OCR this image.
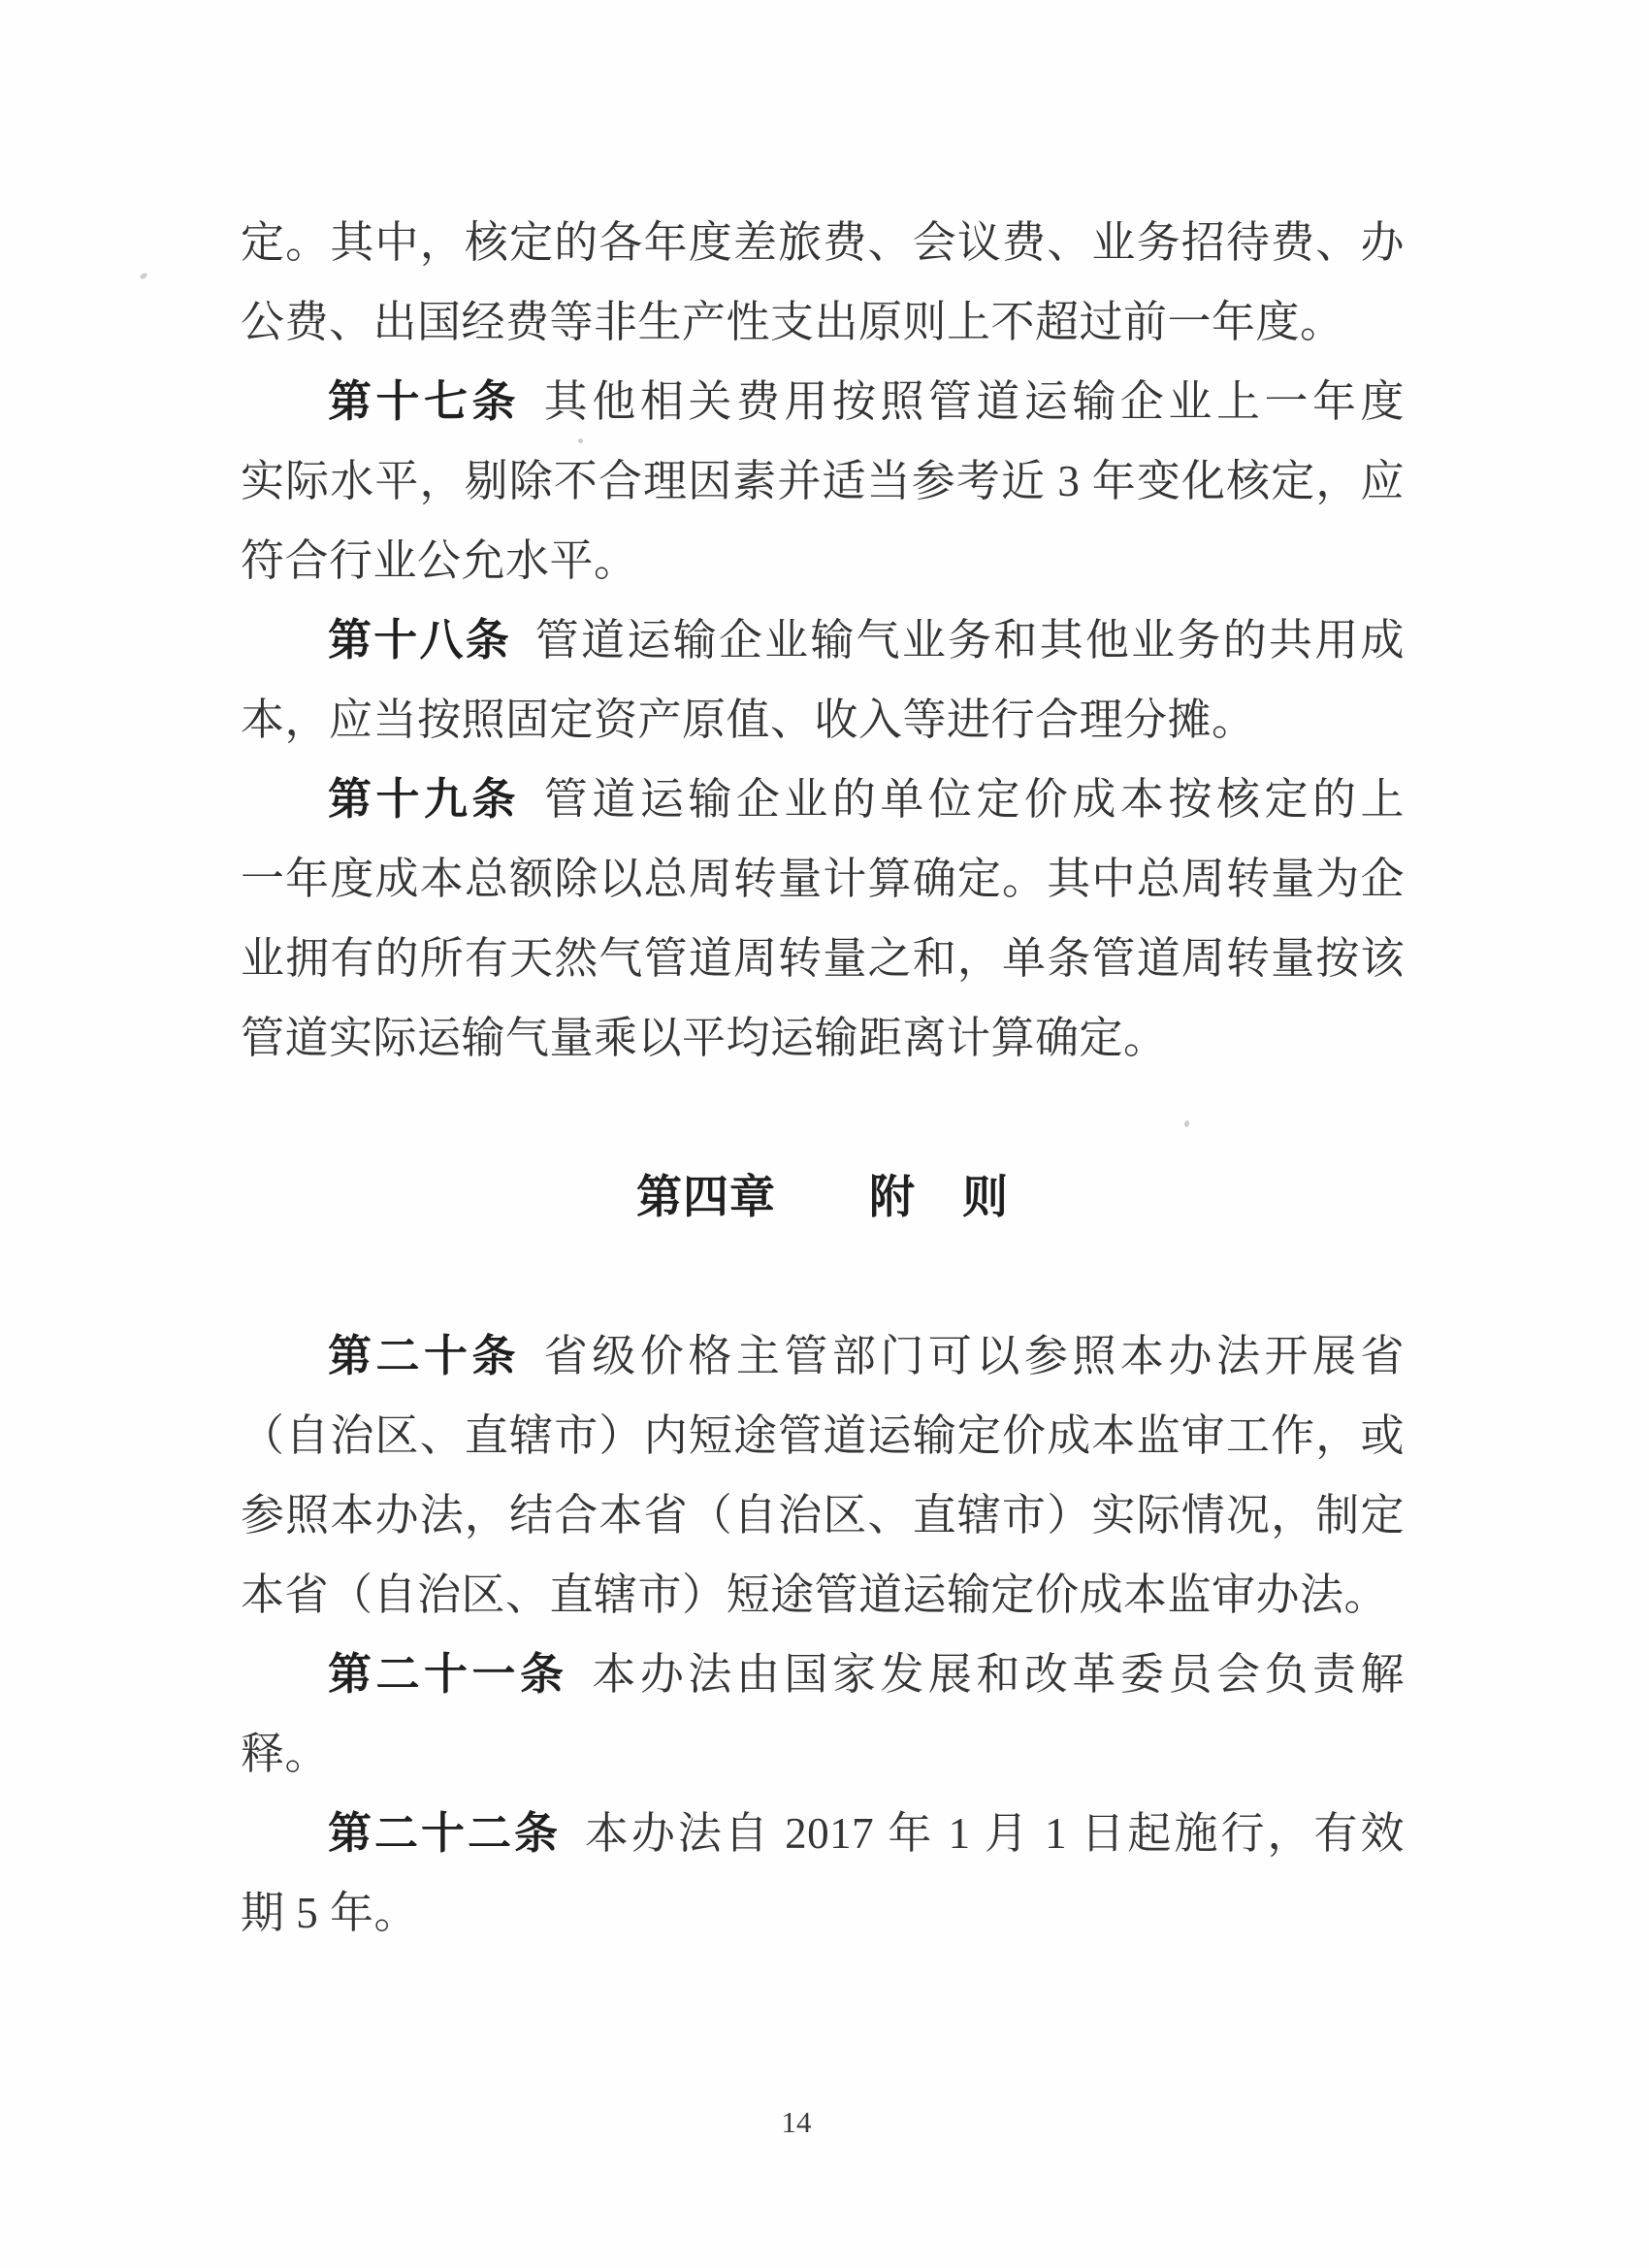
定。其中，核定的各年度差旅费、会议费、业务招待费、办
公费、出国经费等非生产性支出原则上不超过前一年度。
第十七条 其他相关费用按照管道运输企业上一年度
实际水平，剔除不合理因素并适当参考近 3 年变化核定，应
符合行业公允水平。
第十八条 管道运输企业输气业务和其他业务的共用成
本，应当按照固定资产原值、收入等进行合理分摊。
第十九条 管道运输企业的单位定价成本按核定的上
一年度成本总额除以总周转量计算确定。其中总周转量为企
业拥有的所有天然气管道周转量之和，单条管道周转量按该
管道实际运输气量乘以平均运输距离计算确定。
第四章　　附　则
第二十条 省级价格主管部门可以参照本办法开展省
（自治区、直辖市）内短途管道运输定价成本监审工作，或
参照本办法，结合本省（自治区、直辖市）实际情况，制定
本省（自治区、直辖市）短途管道运输定价成本监审办法。
第二十一条 本办法由国家发展和改革委员会负责解
释。
第二十二条 本办法自 2017 年 1 月 1 日起施行，有效
期 5 年。
14
